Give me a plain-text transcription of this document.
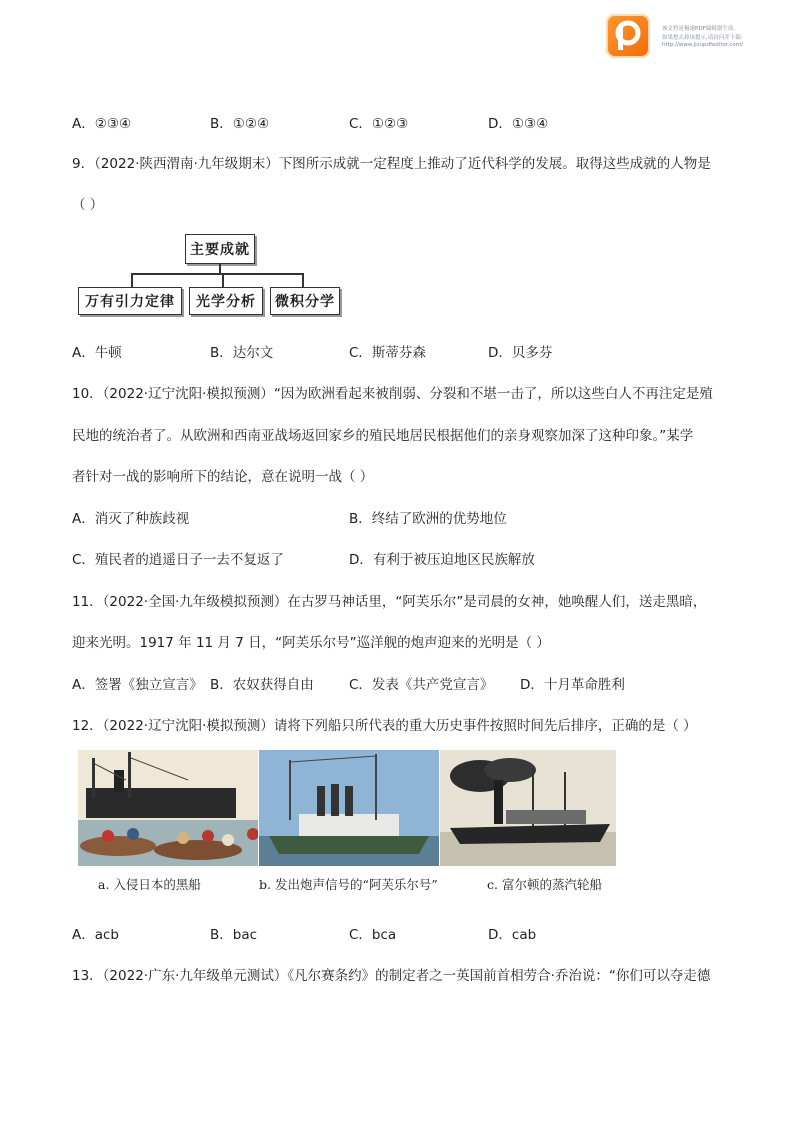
该文档是极速PDF编辑器生成,
如果想去掉该提示,请访问并下载:
http://www.jisupdfeditor.com/
A．②③④	B．①②④	C．①②③	D．①③④
9．（2022·陕西渭南·九年级期末）下图所示成就一定程度上推动了近代科学的发展。取得这些成就的人物是
（ ）
主要成就
万有引力定律	光学分析	微积分学
A．牛顿	B．达尔文	C．斯蒂芬森	D．贝多芬
10．（2022·辽宁沈阳·模拟预测）“因为欧洲看起来被削弱、分裂和不堪一击了，所以这些白人不再注定是殖
民地的统治者了。从欧洲和西南亚战场返回家乡的殖民地居民根据他们的亲身观察加深了这种印象。”某学
者针对一战的影响所下的结论，意在说明一战（ ）
A．消灭了种族歧视	B．终结了欧洲的优势地位
C．殖民者的逍遥日子一去不复返了	D．有利于被压迫地区民族解放
11．（2022·全国·九年级模拟预测）在古罗马神话里，“阿芙乐尔”是司晨的女神，她唤醒人们，送走黑暗，
迎来光明。1917 年 11 月 7 日，“阿芙乐尔号”巡洋舰的炮声迎来的光明是（ ）
A．签署《独立宣言》 B．农奴获得自由	C．发表《共产党宣言》 D．十月革命胜利
12．（2022·辽宁沈阳·模拟预测）请将下列船只所代表的重大历史事件按照时间先后排序，正确的是（ ）
a. 入侵日本的黑船	b. 发出炮声信号的“阿芙乐尔号”	c. 富尔顿的蒸汽轮船
A．acb	B．bac	C．bca	D．cab
13．（2022·广东·九年级单元测试）《凡尔赛条约》的制定者之一英国前首相劳合·乔治说：“你们可以夺走德
